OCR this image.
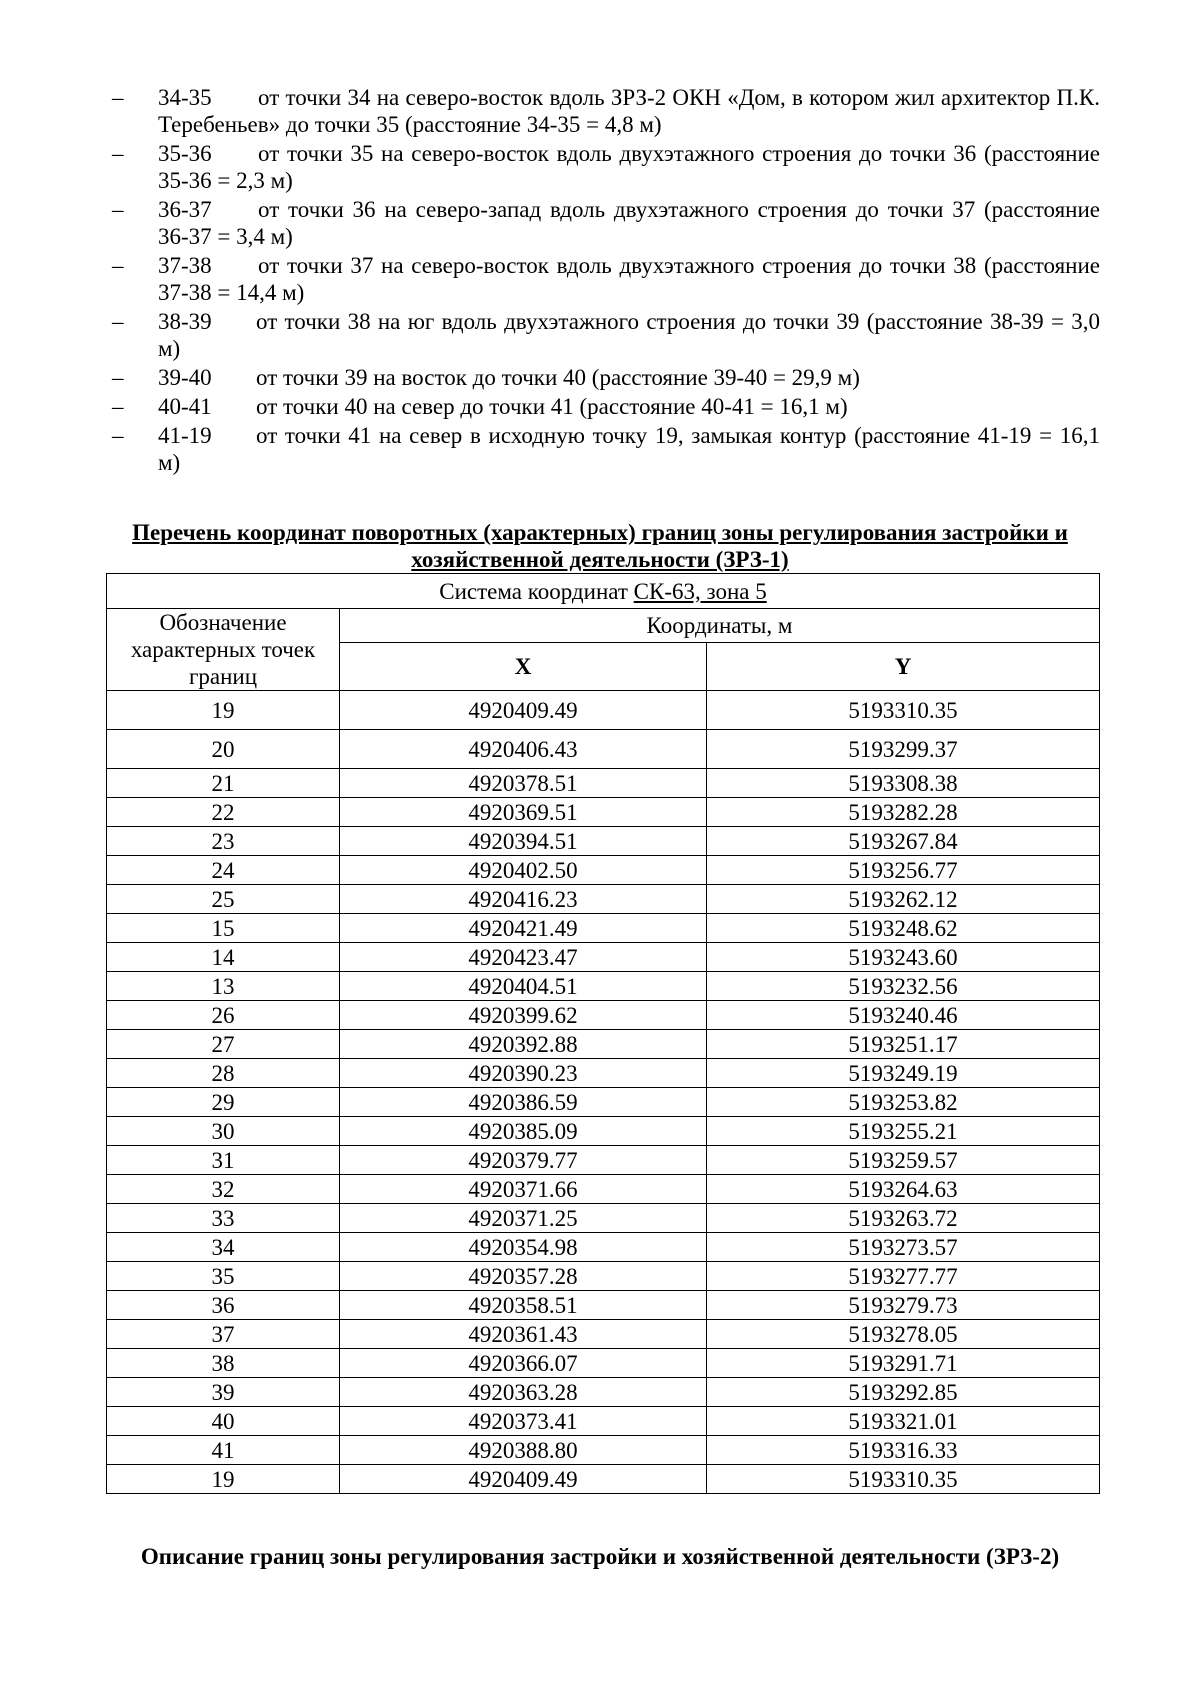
–	34-35 от точки 34 на северо-восток вдоль ЗРЗ-2 ОКН «Дом, в котором жил архитектор П.К. Теребеньев» до точки 35 (расстояние 34-35 = 4,8 м)
–	35-36 от точки 35 на северо-восток вдоль двухэтажного строения до точки 36 (расстояние 35-36 = 2,3 м)
–	36-37 от точки 36 на северо-запад вдоль двухэтажного строения до точки 37 (расстояние 36-37 = 3,4 м)
–	37-38 от точки 37 на северо-восток вдоль двухэтажного строения до точки 38 (расстояние 37-38 = 14,4 м)
–	38-39 от точки 38 на юг вдоль двухэтажного строения до точки 39 (расстояние 38-39 = 3,0 м)
–	39-40 от точки 39 на восток до точки 40 (расстояние 39-40 = 29,9 м)
–	40-41 от точки 40 на север до точки 41 (расстояние 40-41 = 16,1 м)
–	41-19 от точки 41 на север в исходную точку 19, замыкая контур (расстояние 41-19 = 16,1 м)
Перечень координат поворотных (характерных) границ зоны регулирования застройки и хозяйственной деятельности (ЗРЗ-1)
Система координат СК-63, зона 5		
Обозначение характерных точек границ	Координаты, м	
	X	Y
19	4920409.49	5193310.35
20	4920406.43	5193299.37
21	4920378.51	5193308.38
22	4920369.51	5193282.28
23	4920394.51	5193267.84
24	4920402.50	5193256.77
25	4920416.23	5193262.12
15	4920421.49	5193248.62
14	4920423.47	5193243.60
13	4920404.51	5193232.56
26	4920399.62	5193240.46
27	4920392.88	5193251.17
28	4920390.23	5193249.19
29	4920386.59	5193253.82
30	4920385.09	5193255.21
31	4920379.77	5193259.57
32	4920371.66	5193264.63
33	4920371.25	5193263.72
34	4920354.98	5193273.57
35	4920357.28	5193277.77
36	4920358.51	5193279.73
37	4920361.43	5193278.05
38	4920366.07	5193291.71
39	4920363.28	5193292.85
40	4920373.41	5193321.01
41	4920388.80	5193316.33
19	4920409.49	5193310.35
Описание границ зоны регулирования застройки и хозяйственной деятельности (ЗРЗ-2)
